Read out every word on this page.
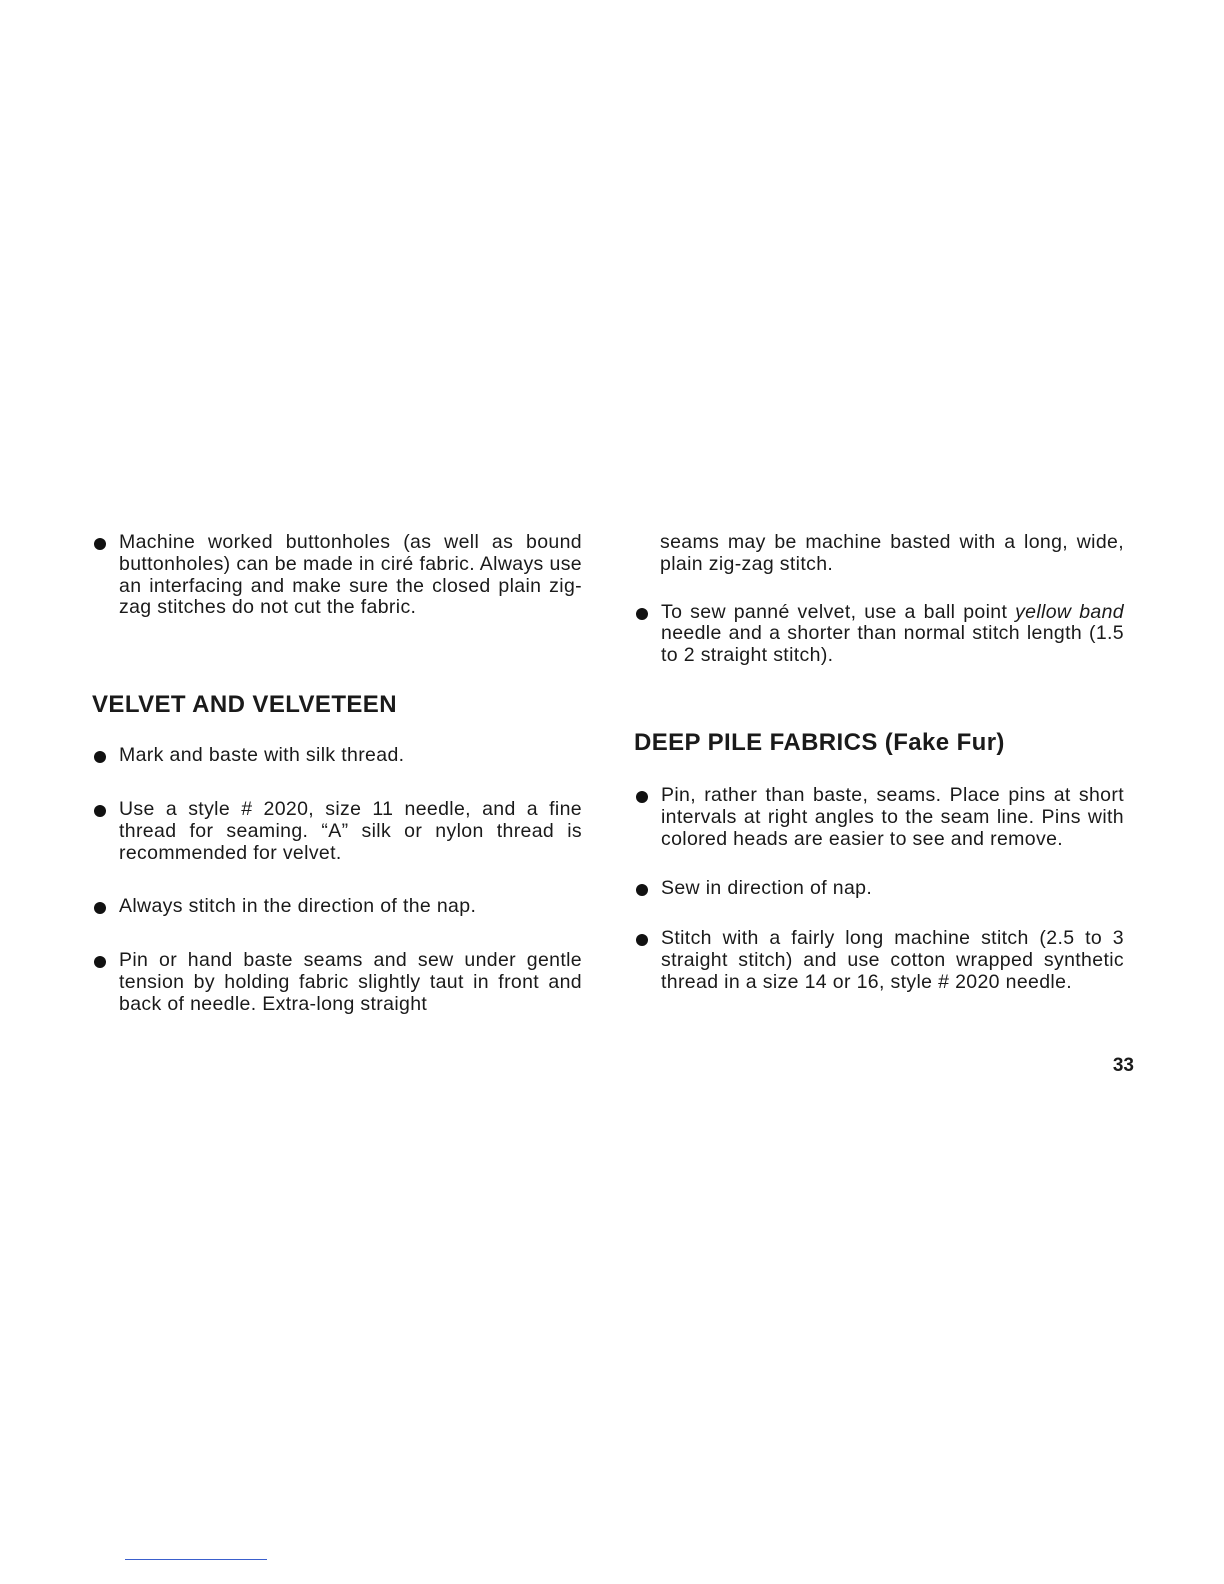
Machine worked buttonholes (as well as bound buttonholes) can be made in ciré fabric. Always use an interfacing and make sure the closed plain zig-zag stitches do not cut the fabric.
VELVET AND VELVETEEN
Mark and baste with silk thread.
Use a style # 2020, size 11 needle, and a fine thread for seaming. “A” silk or nylon thread is recommended for velvet.
Always stitch in the direction of the nap.
Pin or hand baste seams and sew under gentle tension by holding fabric slightly taut in front and back of needle. Extra-long straight
seams may be machine basted with a long, wide, plain zig-zag stitch.
To sew panné velvet, use a ball point yellow band needle and a shorter than normal stitch length (1.5 to 2 straight stitch).
DEEP PILE FABRICS (Fake Fur)
Pin, rather than baste, seams. Place pins at short intervals at right angles to the seam line. Pins with colored heads are easier to see and remove.
Sew in direction of nap.
Stitch with a fairly long machine stitch (2.5 to 3 straight stitch) and use cotton wrapped synthetic thread in a size 14 or 16, style # 2020 needle.
33
